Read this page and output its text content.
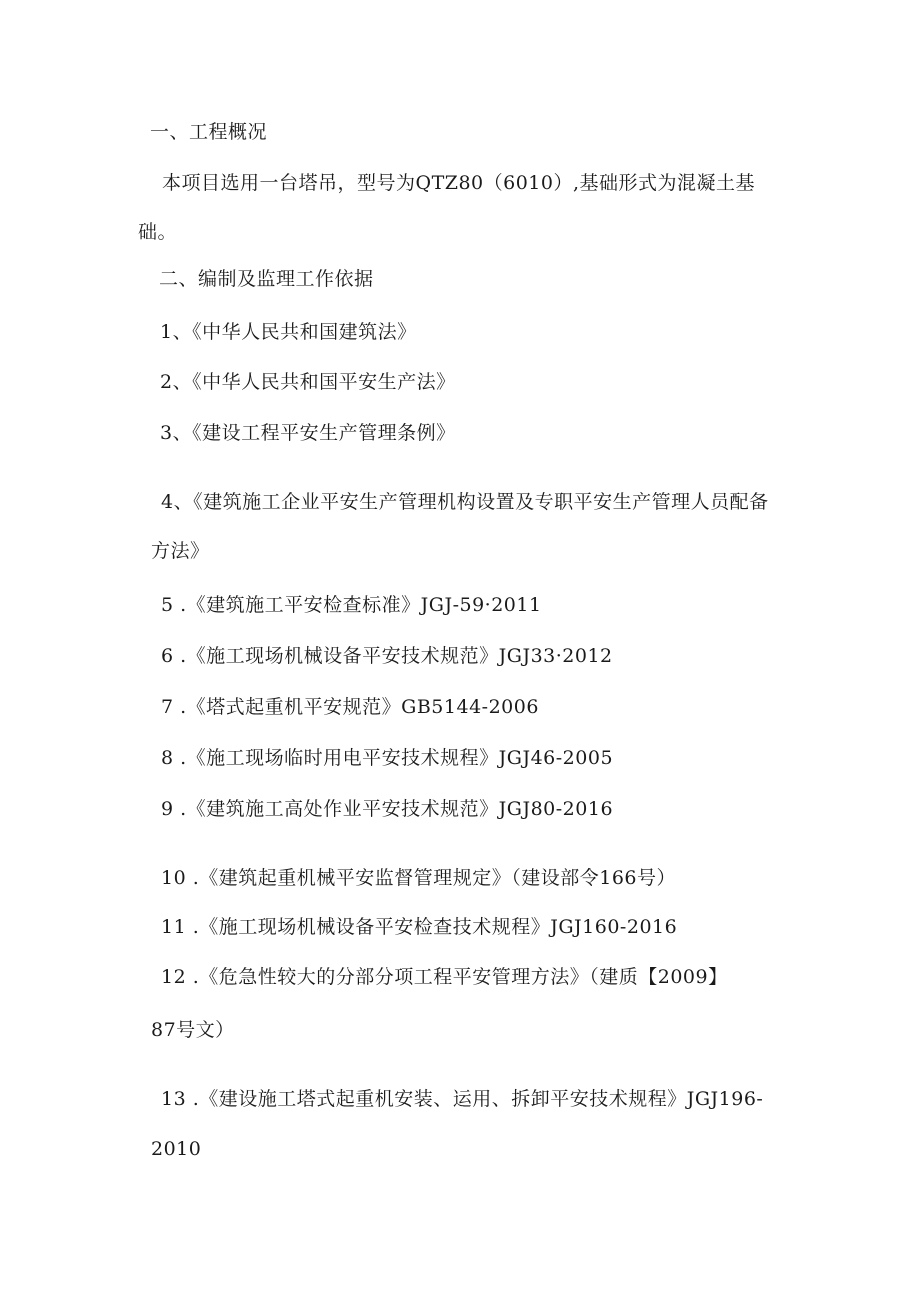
一、工程概况
本项目选用一台塔吊，型号为QTZ80（6010）,基础形式为混凝土基
础。
二、编制及监理工作依据
1、《中华人民共和国建筑法》
2、《中华人民共和国平安生产法》
3、《建设工程平安生产管理条例》
4、《建筑施工企业平安生产管理机构设置及专职平安生产管理人员配备
方法》
5 .《建筑施工平安检查标准》JGJ-59·2011
6 .《施工现场机械设备平安技术规范》JGJ33·2012
7 .《塔式起重机平安规范》GB5144-2006
8 .《施工现场临时用电平安技术规程》JGJ46-2005
9 .《建筑施工高处作业平安技术规范》JGJ80-2016
10 .《建筑起重机械平安监督管理规定》（建设部令166号）
11 .《施工现场机械设备平安检查技术规程》JGJ160-2016
12 .《危急性较大的分部分项工程平安管理方法》（建质【2009】
87号文）
13 .《建设施工塔式起重机安装、运用、拆卸平安技术规程》JGJ196-
2010
